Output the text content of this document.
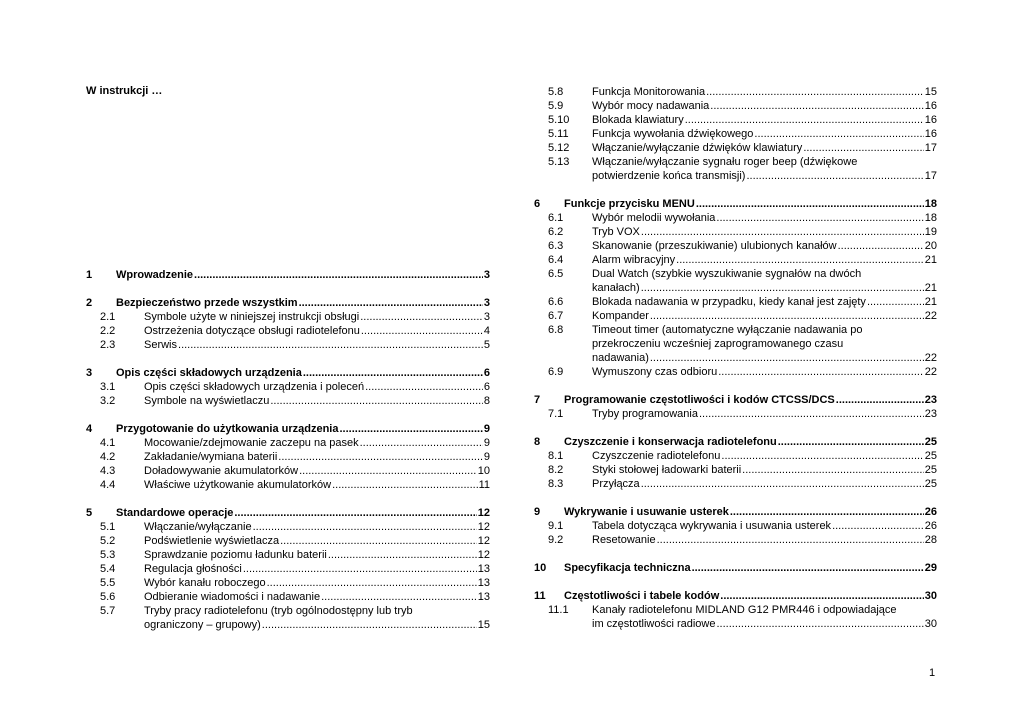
W instrukcji …
1 Wprowadzenie .....	3
2 Bezpieczeństwo przede wszystkim .....	3
2.1	Symbole użyte w niniejszej instrukcji obsługi .....	3
2.2	Ostrzeżenia dotyczące obsługi radiotelefonu .....	4
2.3	Serwis .....	5
3 Opis części składowych urządzenia .....	6
3.1	Opis części składowych urządzenia i poleceń .....	6
3.2	Symbole na wyświetlaczu .....	8
4 Przygotowanie do użytkowania urządzenia .....	9
4.1	Mocowanie/zdejmowanie zaczepu na pasek .....	9
4.2	Zakładanie/wymiana baterii .....	9
4.3	Doładowywanie akumulatorków .....	10
4.4	Właściwe użytkowanie akumulatorków .....	11
5 Standardowe operacje .....	12
5.1	Włączanie/wyłączanie .....	12
5.2	Podświetlenie wyświetlacza .....	12
5.3	Sprawdzanie poziomu ładunku baterii .....	12
5.4	Regulacja głośności .....	13
5.5	Wybór kanału roboczego .....	13
5.6	Odbieranie wiadomości i nadawanie .....	13
5.7	Tryby pracy radiotelefonu (tryb ogólnodostępny lub tryb
ograniczony – grupowy) .....	15
5.8	Funkcja Monitorowania .....	15
5.9	Wybór mocy nadawania .....	16
5.10 Blokada klawiatury .....	16
5.11 Funkcja wywołania dźwiękowego .....	16
5.12 Włączanie/wyłączanie dźwięków klawiatury .....	17
5.13 Włączanie/wyłączanie sygnału roger beep (dźwiękowe
potwierdzenie końca transmisji) .....	17
6 Funkcje przycisku MENU .....	18
6.1	Wybór melodii wywołania .....	18
6.2	Tryb VOX .....	19
6.3	Skanowanie (przeszukiwanie) ulubionych kanałów .....	20
6.4	Alarm wibracyjny .....	21
6.5	Dual Watch (szybkie wyszukiwanie sygnałów na dwóch
kanałach) .....	21
6.6	Blokada nadawania w przypadku, kiedy kanał jest zajęty .....	21
6.7	Kompander .....	22
6.8	Timeout timer (automatyczne wyłączanie nadawania po
przekroczeniu wcześniej zaprogramowanego czasu
nadawania) .....	22
6.9	Wymuszony czas odbioru .....	22
7 Programowanie częstotliwości i kodów CTCSS/DCS .....	23
7.1	Tryby programowania .....	23
8 Czyszczenie i konserwacja radiotelefonu .....	25
8.1	Czyszczenie radiotelefonu .....	25
8.2	Styki stołowej ładowarki baterii .....	25
8.3	Przyłącza .....	25
9 Wykrywanie i usuwanie usterek .....	26
9.1	Tabela dotycząca wykrywania i usuwania usterek .....	26
9.2	Resetowanie .....	28
10 Specyfikacja techniczna .....	29
11 Częstotliwości i tabele kodów .....	30
11.1 Kanały radiotelefonu MIDLAND G12 PMR446 i odpowiadające
im częstotliwości radiowe .....	30
1
